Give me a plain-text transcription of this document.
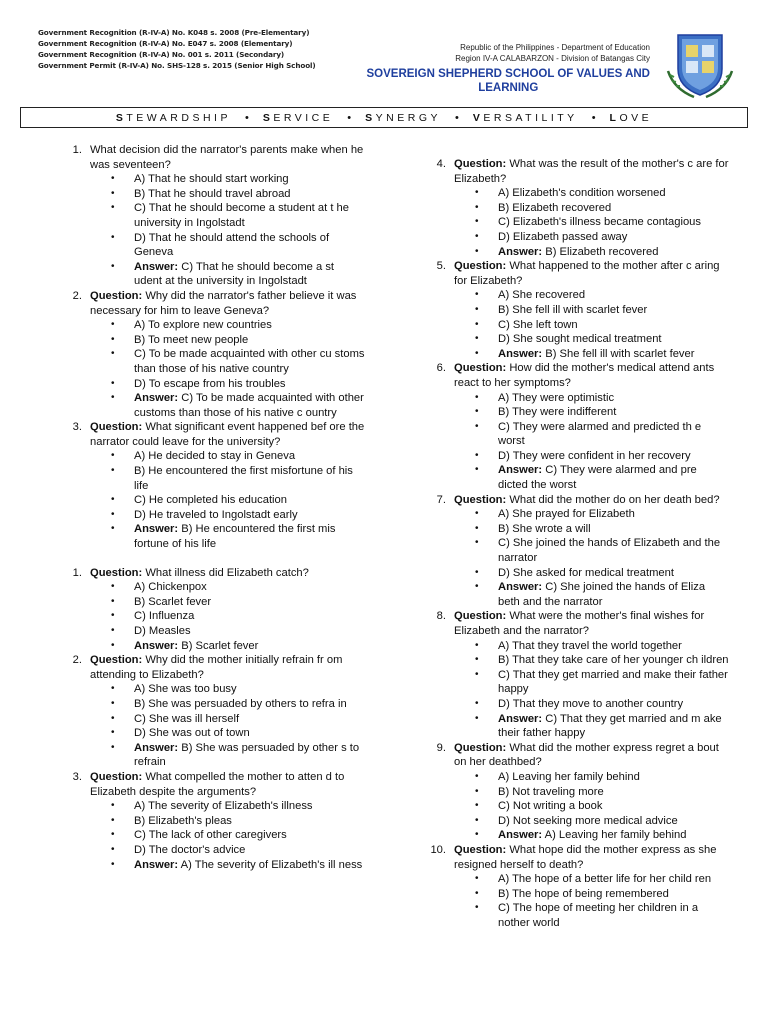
Government Recognition (R-IV-A) No. K048 s. 2008 (Pre-Elementary)
Government Recognition (R-IV-A) No. E047 s. 2008 (Elementary)
Government Recognition (R-IV-A) No. 001 s. 2011 (Secondary)
Government Permit (R-IV-A) No. SHS-128 s. 2015 (Senior High School)
Republic of the Philippines - Department of Education
Region IV-A CALABARZON - Division of Batangas City
SOVEREIGN SHEPHERD SCHOOL OF VALUES AND
LEARNING
STEWARDSHIP • SERVICE • SYNERGY • VERSATILITY • LOVE
1. What decision did the narrator's parents make when he was seventeen?
• A) That he should start working
• B) That he should travel abroad
• C) That he should become a student at t he university in Ingolstadt
• D) That he should attend the schools of Geneva
• Answer: C) That he should become a st udent at the university in Ingolstadt
2. Question: Why did the narrator's father believe it was necessary for him to leave Geneva?
• A) To explore new countries
• B) To meet new people
• C) To be made acquainted with other cu stoms than those of his native country
• D) To escape from his troubles
• Answer: C) To be made acquainted with other customs than those of his native c ountry
3. Question: What significant event happened bef ore the narrator could leave for the university?
• A) He decided to stay in Geneva
• B) He encountered the first misfortune of his life
• C) He completed his education
• D) He traveled to Ingolstadt early
• Answer: B) He encountered the first mis fortune of his life
1. Question: What illness did Elizabeth catch?
• A) Chickenpox
• B) Scarlet fever
• C) Influenza
• D) Measles
• Answer: B) Scarlet fever
2. Question: Why did the mother initially refrain fr om attending to Elizabeth?
• A) She was too busy
• B) She was persuaded by others to refra in
• C) She was ill herself
• D) She was out of town
• Answer: B) She was persuaded by other s to refrain
3. Question: What compelled the mother to atten d to Elizabeth despite the arguments?
• A) The severity of Elizabeth's illness
• B) Elizabeth's pleas
• C) The lack of other caregivers
• D) The doctor's advice
• Answer: A) The severity of Elizabeth's ill ness
4. Question: What was the result of the mother's c are for Elizabeth?
• A) Elizabeth's condition worsened
• B) Elizabeth recovered
• C) Elizabeth's illness became contagious
• D) Elizabeth passed away
• Answer: B) Elizabeth recovered
5. Question: What happened to the mother after c aring for Elizabeth?
• A) She recovered
• B) She fell ill with scarlet fever
• C) She left town
• D) She sought medical treatment
• Answer: B) She fell ill with scarlet fever
6. Question: How did the mother's medical attend ants react to her symptoms?
• A) They were optimistic
• B) They were indifferent
• C) They were alarmed and predicted th e worst
• D) They were confident in her recovery
• Answer: C) They were alarmed and pre dicted the worst
7. Question: What did the mother do on her death bed?
• A) She prayed for Elizabeth
• B) She wrote a will
• C) She joined the hands of Elizabeth and the narrator
• D) She asked for medical treatment
• Answer: C) She joined the hands of Eliza beth and the narrator
8. Question: What were the mother's final wishes for Elizabeth and the narrator?
• A) That they travel the world together
• B) That they take care of her younger ch ildren
• C) That they get married and make their father happy
• D) That they move to another country
• Answer: C) That they get married and m ake their father happy
9. Question: What did the mother express regret a bout on her deathbed?
• A) Leaving her family behind
• B) Not traveling more
• C) Not writing a book
• D) Not seeking more medical advice
• Answer: A) Leaving her family behind
10. Question: What hope did the mother express as she resigned herself to death?
• A) The hope of a better life for her child ren
• B) The hope of being remembered
• C) The hope of meeting her children in a nother world
